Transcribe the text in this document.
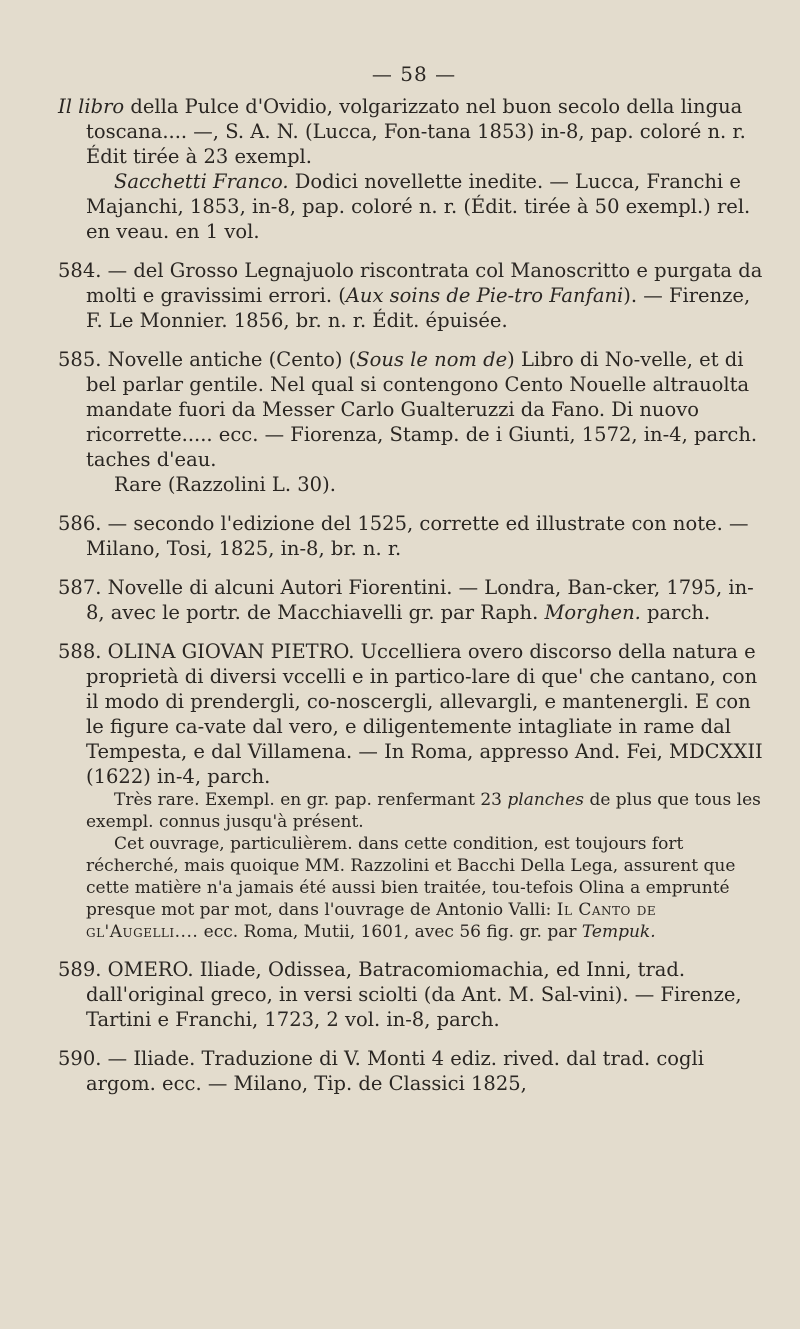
— 58 —

Il libro della Pulce d'Ovidio, volgarizzato nel buon secolo della lingua toscana.... —, S. A. N. (Lucca, Fon-tana 1853) in-8, pap. coloré n. r. Édit tirée à 23 exempl.

Sacchetti Franco. Dodici novellette inedite. — Lucca, Franchi e Majanchi, 1853, in-8, pap. coloré n. r. (Édit. tirée à 50 exempl.) rel. en veau. en 1 vol.

584. — del Grosso Legnajuolo riscontrata col Manoscritto e purgata da molti e gravissimi errori. (Aux soins de Pie-tro Fanfani). — Firenze, F. Le Monnier. 1856, br. n. r. Édit. épuisée.

585. Novelle antiche (Cento) (Sous le nom de) Libro di No-velle, et di bel parlar gentile. Nel qual si contengono Cento Nouelle altrauolta mandate fuori da Messer Carlo Gualteruzzi da Fano. Di nuovo ricorrette..... ecc. — Fiorenza, Stamp. de i Giunti, 1572, in-4, parch. taches d'eau.

Rare (Razzolini L. 30).

586. — secondo l'edizione del 1525, corrette ed illustrate con note. — Milano, Tosi, 1825, in-8, br. n. r.

587. Novelle di alcuni Autori Fiorentini. — Londra, Ban-cker, 1795, in-8, avec le portr. de Macchiavelli gr. par Raph. Morghen. parch.

588. OLINA GIOVAN PIETRO. Uccelliera overo discorso della natura e proprietà di diversi vccelli e in partico-lare di que' che cantano, con il modo di prendergli, co-noscergli, allevargli, e mantenergli. E con le figure ca-vate dal vero, e diligentemente intagliate in rame dal Tempesta, e dal Villamena. — In Roma, appresso And. Fei, MDCXXII (1622) in-4, parch.

Très rare. Exempl. en gr. pap. renfermant 23 planches de plus que tous les exempl. connus jusqu'à présent.

Cet ouvrage, particulièrem. dans cette condition, est toujours fort récherché, mais quoique MM. Razzolini et Bacchi Della Lega, assurent que cette matière n'a jamais été aussi bien traitée, tou-tefois Olina a emprunté presque mot par mot, dans l'ouvrage de Antonio Valli: Il Canto de gl'Augelli.... ecc. Roma, Mutii, 1601, avec 56 fig. gr. par Tempuk.

589. OMERO. Iliade, Odissea, Batracomiomachia, ed Inni, trad. dall'original greco, in versi sciolti (da Ant. M. Sal-vini). — Firenze, Tartini e Franchi, 1723, 2 vol. in-8, parch.

590. — Iliade. Traduzione di V. Monti 4 ediz. rived. dal trad. cogli argom. ecc. — Milano, Tip. de Classici 1825,
